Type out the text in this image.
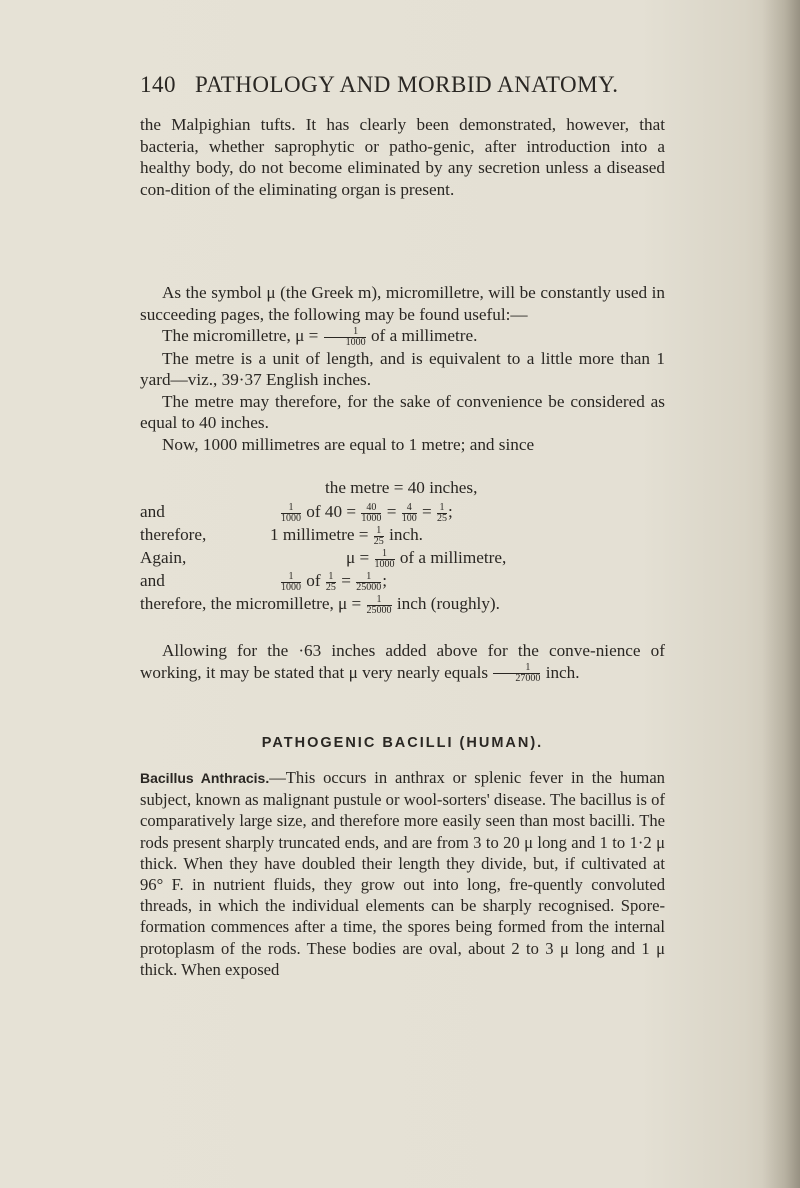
140 PATHOLOGY AND MORBID ANATOMY.

the Malpighian tufts. It has clearly been demonstrated, however, that bacteria, whether saprophytic or patho-genic, after introduction into a healthy body, do not become eliminated by any secretion unless a diseased con-dition of the eliminating organ is present.

As the symbol μ (the Greek m), micromilletre, will be constantly used in succeeding pages, the following may be found useful:—

The micromilletre, $\mu = \frac{1}{1000}$ of a millimetre.

The metre is a unit of length, and is equivalent to a little more than 1 yard—viz., 39·37 English inches.

The metre may therefore, for the sake of convenience be considered as equal to 40 inches.

Now, 1000 millimetres are equal to 1 metre; and since

the metre = 40 inches,
and	$\frac{1}{1000}$ of $40 = \frac{40}{1000} = \frac{4}{100} = \frac{1}{25}$ ;
therefore,	1 millimetre = $\frac{1}{25}$ inch.
Again,	$\mu = \frac{1}{1000}$ of a millimetre,
and	$\frac{1}{1000}$ of $\frac{1}{25} = \frac{1}{25000}$ ;
therefore, the micromilletre, $\mu = \frac{1}{25000}$ inch (roughly).

Allowing for the ·63 inches added above for the conve-nience of working, it may be stated that μ very nearly equals $\frac{1}{27000}$ inch.

PATHOGENIC BACILLI (HUMAN).

Bacillus Anthracis.—This occurs in anthrax or splenic fever in the human subject, known as malignant pustule or wool-sorters' disease. The bacillus is of comparatively large size, and therefore more easily seen than most bacilli. The rods present sharply truncated ends, and are from 3 to 20 μ long and 1 to 1·2 μ thick. When they have doubled their length they divide, but, if cultivated at 96° F. in nutrient fluids, they grow out into long, fre-quently convoluted threads, in which the individual elements can be sharply recognised. Spore-formation commences after a time, the spores being formed from the internal protoplasm of the rods. These bodies are oval, about 2 to 3 μ long and 1 μ thick. When exposed
